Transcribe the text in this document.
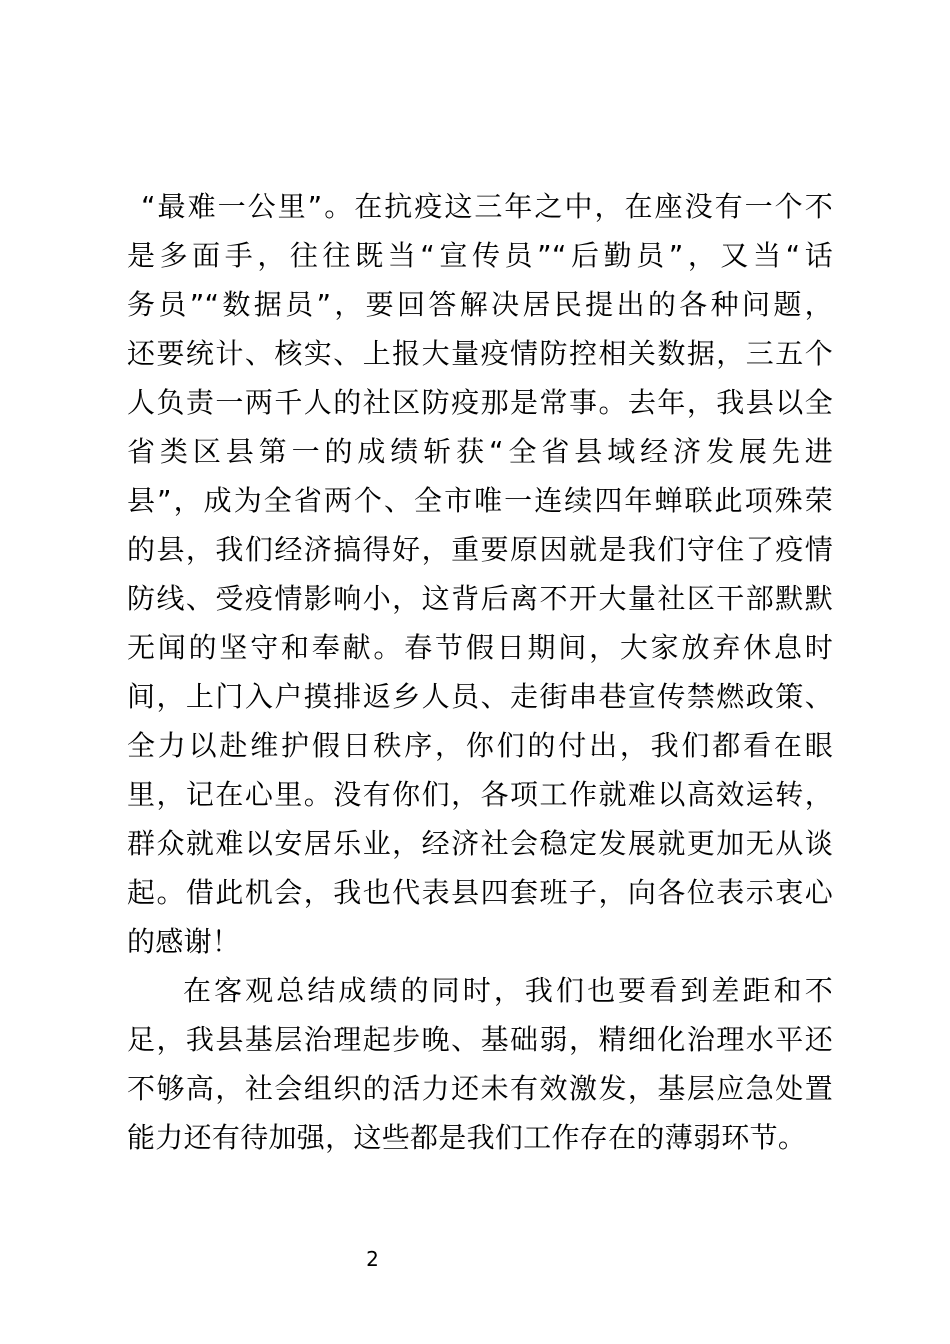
“最难一公里”。在抗疫这三年之中，在座没有一个不
是多面手，往往既当“宣传员”“后勤员”，又当“话
务员”“数据员”，要回答解决居民提出的各种问题，
还要统计、核实、上报大量疫情防控相关数据，三五个
人负责一两千人的社区防疫那是常事。去年，我县以全
省类区县第一的成绩斩获“全省县域经济发展先进
县”，成为全省两个、全市唯一连续四年蝉联此项殊荣
的县，我们经济搞得好，重要原因就是我们守住了疫情
防线、受疫情影响小，这背后离不开大量社区干部默默
无闻的坚守和奉献。春节假日期间，大家放弃休息时
间，上门入户摸排返乡人员、走街串巷宣传禁燃政策、
全力以赴维护假日秩序，你们的付出，我们都看在眼
里，记在心里。没有你们，各项工作就难以高效运转，
群众就难以安居乐业，经济社会稳定发展就更加无从谈
起。借此机会，我也代表县四套班子，向各位表示衷心
的感谢！
在客观总结成绩的同时，我们也要看到差距和不
足，我县基层治理起步晚、基础弱，精细化治理水平还
不够高，社会组织的活力还未有效激发，基层应急处置
能力还有待加强，这些都是我们工作存在的薄弱环节。
2
